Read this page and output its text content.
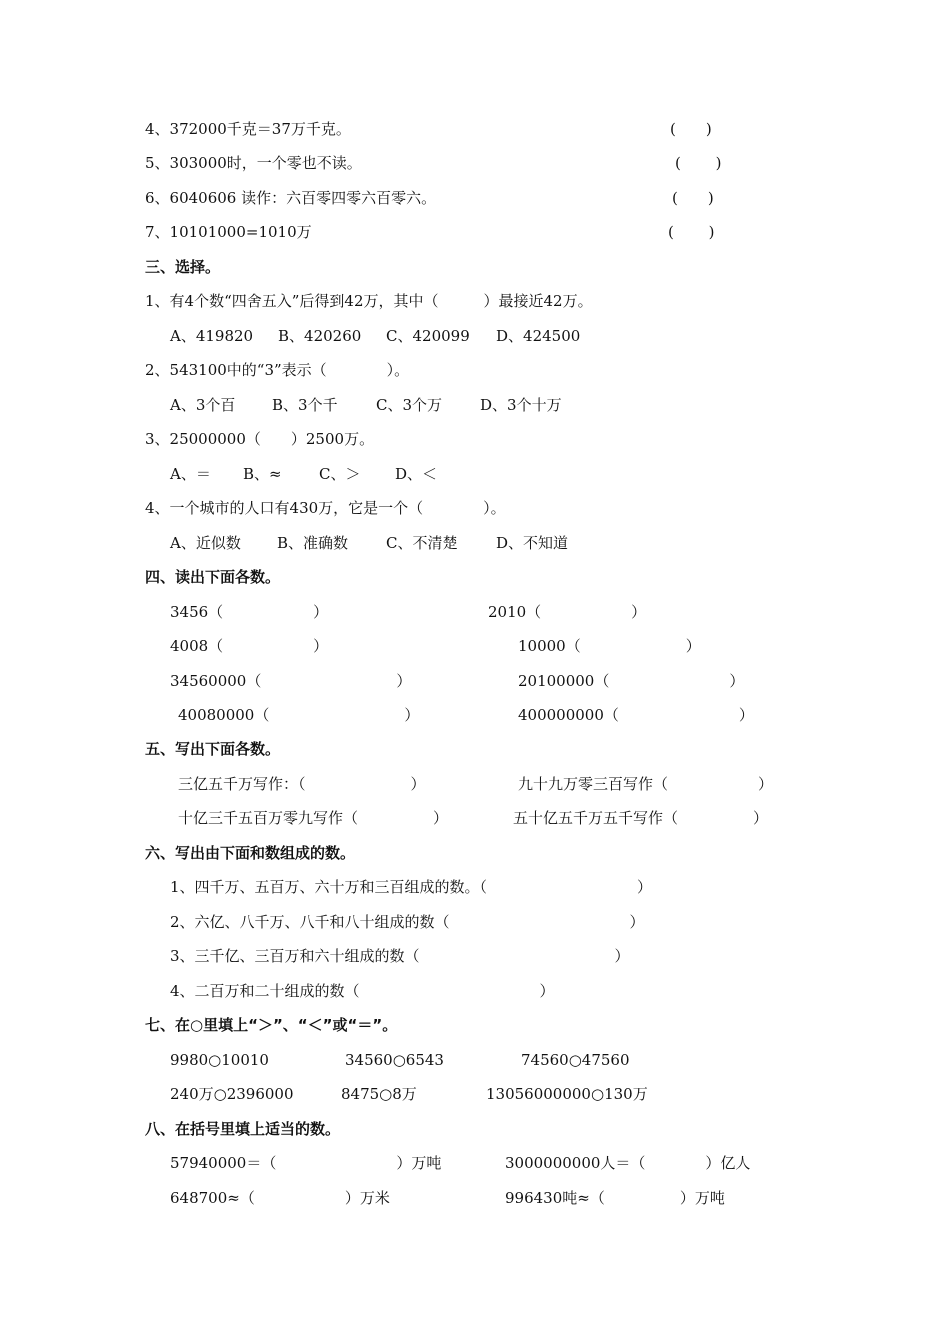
4、372000千克＝37万千克。	(　　)
5、303000时，一个零也不读。	(　　 )
6、6040606 读作：六百零四零六百零六。	(　　)
7、10101000=1010万	(　　 )
三、选择。
1、有4个数“四舍五入”后得到42万，其中（　　　）最接近42万。
A、419820 B、420260 C、420099 D、424500
2、543100中的“3”表示（　　　　）。
A、3个百 B、3个千	C、3个万	D、3个十万
3、25000000（　　）2500万。
A、＝ B、≈ C、＞ D、＜
4、一个城市的人口有430万，它是一个（　　　　）。
A、近似数 B、准确数	C、不清楚	D、不知道
四、读出下面各数。
3456（　　　　　　）	2010（　　　　　　）
4008（　　　　　　）	10000（　　　　　　　）
34560000（　　　　　　　　　）	20100000（　　　　　　　　）
40080000（　　　　　　　　　）	400000000（　　　　　　　　）
五、写出下面各数。
三亿五千万写作：（　　　　　　　）	九十九万零三百写作（　　　　　　）
十亿三千五百万零九写作（　　　　　）	五十亿五千万五千写作（　　　　　）
六、写出由下面和数组成的数。
1、四千万、五百万、六十万和三百组成的数。（　　　　　　　　　　）
2、六亿、八千万、八千和八十组成的数（　　　　　　　　　　　　）
3、三千亿、三百万和六十组成的数（　　　　　　　　　　　　　）
4、二百万和二十组成的数（　　　　　　　　　　　　）
七、在○里填上“＞”、“＜”或“＝”。
9980○10010	34560○6543	74560○47560
240万○2396000	8475○8万	13056000000○130万
八、在括号里填上适当的数。
57940000＝（　　　　　　　　）万吨	3000000000人＝（　　　　）亿人
648700≈（　　　　　　）万米	996430吨≈（　　　　　）万吨
